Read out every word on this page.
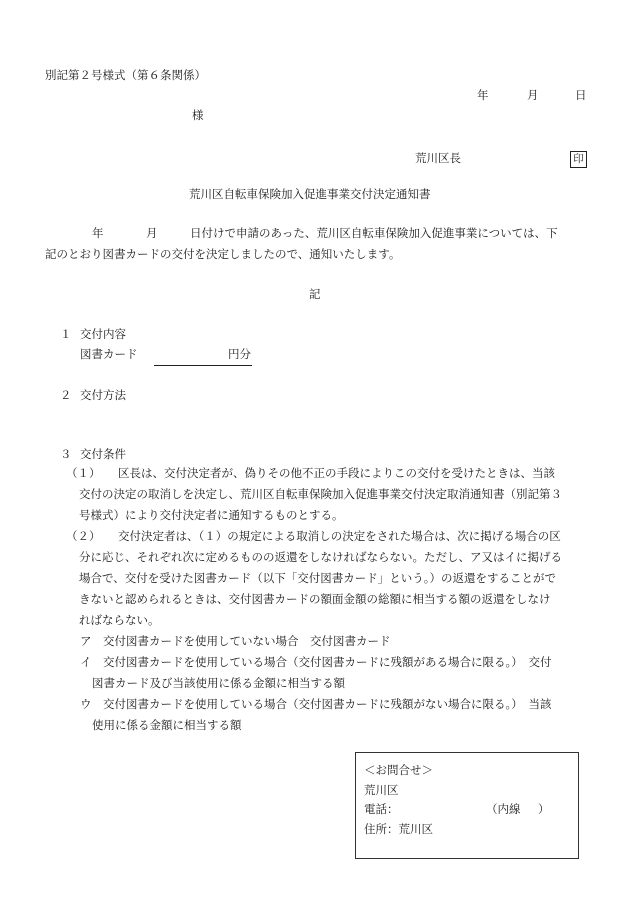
別記第２号様式（第６条関係）
年	月	日
様
荒川区長	印
荒川区自転車保険加入促進事業交付決定通知書
年	月	日付けで申請のあった、荒川区自転車保険加入促進事業については、下
記のとおり図書カードの交付を決定しましたので、通知いたします。
記
１ 交付内容
図書カード	円分
２ 交付方法
３ 交付条件
（１） 区長は、交付決定者が、偽りその他不正の手段によりこの交付を受けたときは、当該
交付の決定の取消しを決定し、荒川区自転車保険加入促進事業交付決定取消通知書（別記第３
号様式）により交付決定者に通知するものとする。
（２） 交付決定者は、（１）の規定による取消しの決定をされた場合は、次に掲げる場合の区
分に応じ、それぞれ次に定めるものの返還をしなければならない。ただし、ア又はイに掲げる
場合で、交付を受けた図書カード（以下「交付図書カード」という。）の返還をすることがで
きないと認められるときは、交付図書カードの額面金額の総額に相当する額の返還をしなけ
ればならない。
ア　交付図書カードを使用していない場合　交付図書カード
イ　交付図書カードを使用している場合（交付図書カードに残額がある場合に限る。）　交付
図書カード及び当該使用に係る金額に相当する額
ウ　交付図書カードを使用している場合（交付図書カードに残額がない場合に限る。）　当該
使用に係る金額に相当する額
＜お問合せ＞
荒川区
電話：	（内線 ）
住所：荒川区
